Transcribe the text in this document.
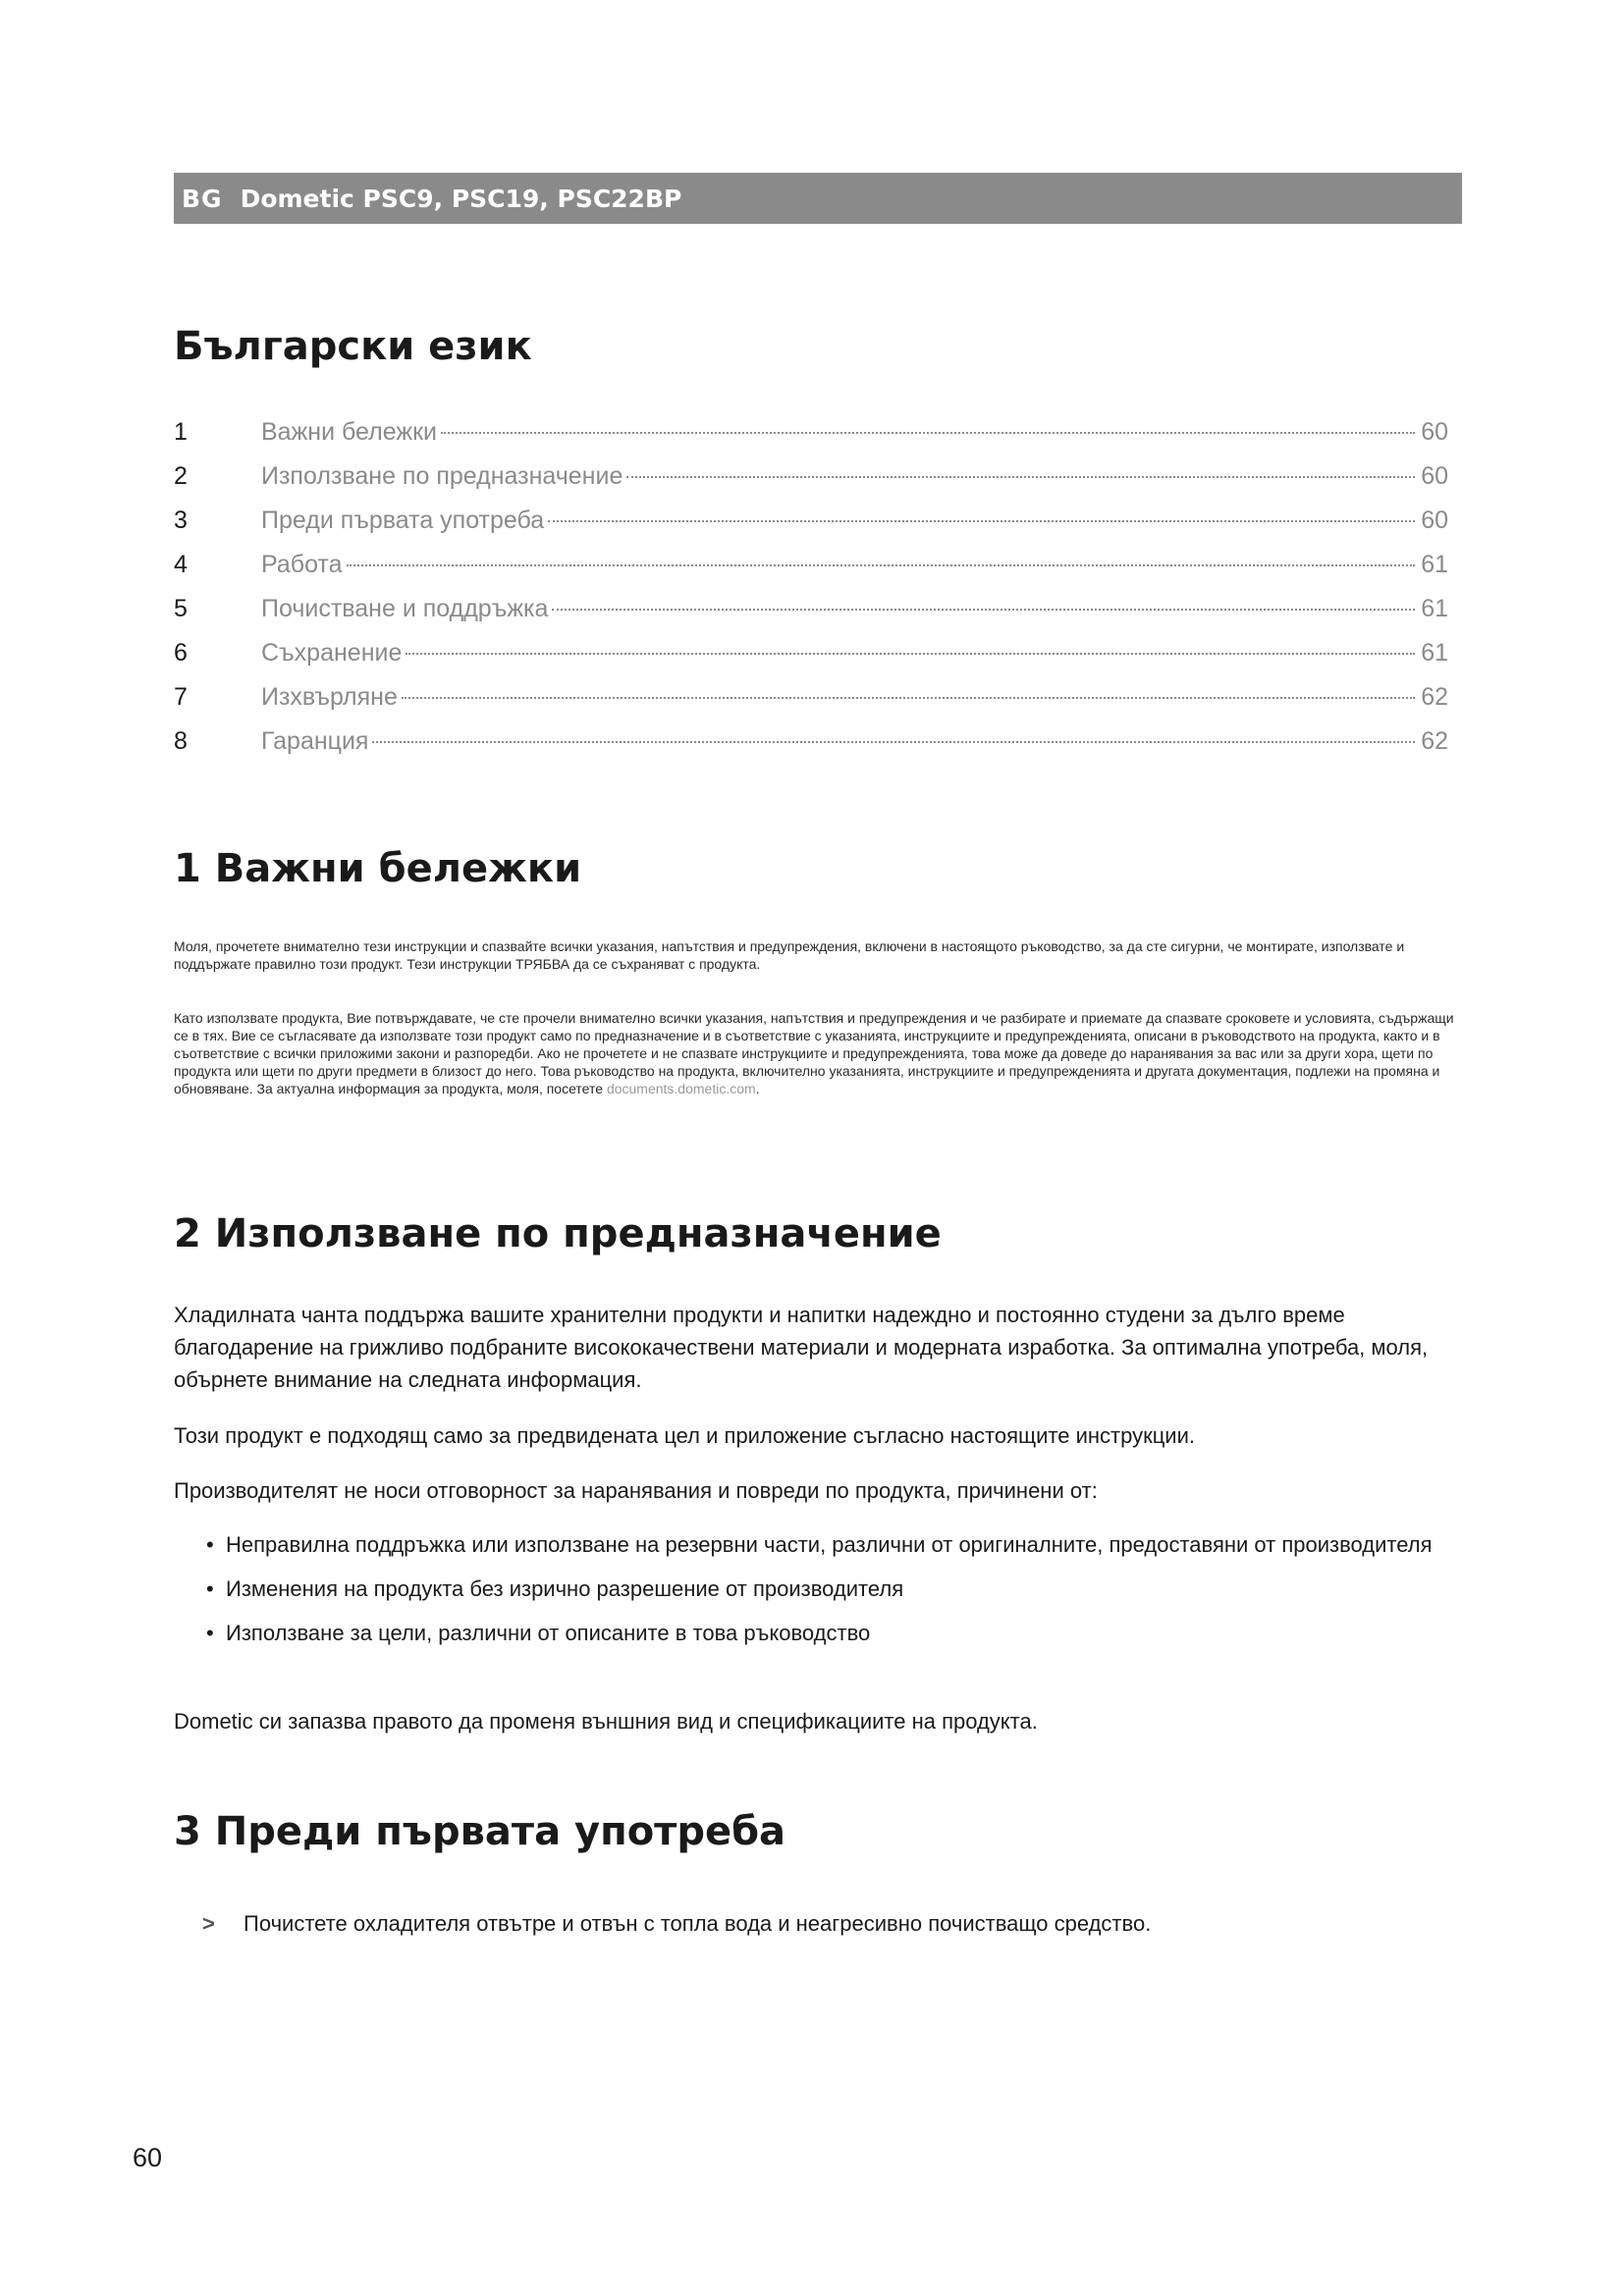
BG Dometic PSC9, PSC19, PSC22BP
Български език
1	Важни бележки	60
2	Използване по предназначение	60
3	Преди първата употреба	60
4	Работа	61
5	Почистване и поддръжка	61
6	Съхранение	61
7	Изхвърляне	62
8	Гаранция	62
1 Важни бележки

Моля, прочетете внимателно тези инструкции и спазвайте всички указания, напътствия и предупреждения, включени в настоящото ръководство, за да сте сигурни, че монтирате, използвате и поддържате правилно този продукт. Тези инструкции ТРЯБВА да се съхраняват с продукта.

Като използвате продукта, Вие потвърждавате, че сте прочели внимателно всички указания, напътствия и предупреждения и че разбирате и приемате да спазвате сроковете и условията, съдържащи се в тях. Вие се съгласявате да използвате този продукт само по предназначение и в съответствие с указанията, инструкциите и предупрежденията, описани в ръководството на продукта, както и в съответствие с всички приложими закони и разпоредби. Ако не прочетете и не спазвате инструкциите и предупрежденията, това може да доведе до наранявания за вас или за други хора, щети по продукта или щети по други предмети в близост до него. Това ръководство на продукта, включително указанията, инструкциите и предупрежденията и другата документация, подлежи на промяна и обновяване. За актуална информация за продукта, моля, посетете documents.dometic.com.

2 Използване по предназначение

Хладилната чанта поддържа вашите хранителни продукти и напитки надеждно и постоянно студени за дълго време благодарение на грижливо подбраните висококачествени материали и модерната изработка. За оптимална употреба, моля, обърнете внимание на следната информация.

Този продукт е подходящ само за предвидената цел и приложение съгласно настоящите инструкции.

Производителят не носи отговорност за наранявания и повреди по продукта, причинени от:

• Неправилна поддръжка или използване на резервни части, различни от оригиналните, предоставяни от производителя
• Изменения на продукта без изрично разрешение от производителя
• Използване за цели, различни от описаните в това ръководство

Dometic си запазва правото да променя външния вид и спецификациите на продукта.

3 Преди първата употреба
>	Почистете охладителя отвътре и отвън с топла вода и неагресивно почистващо средство.
60
